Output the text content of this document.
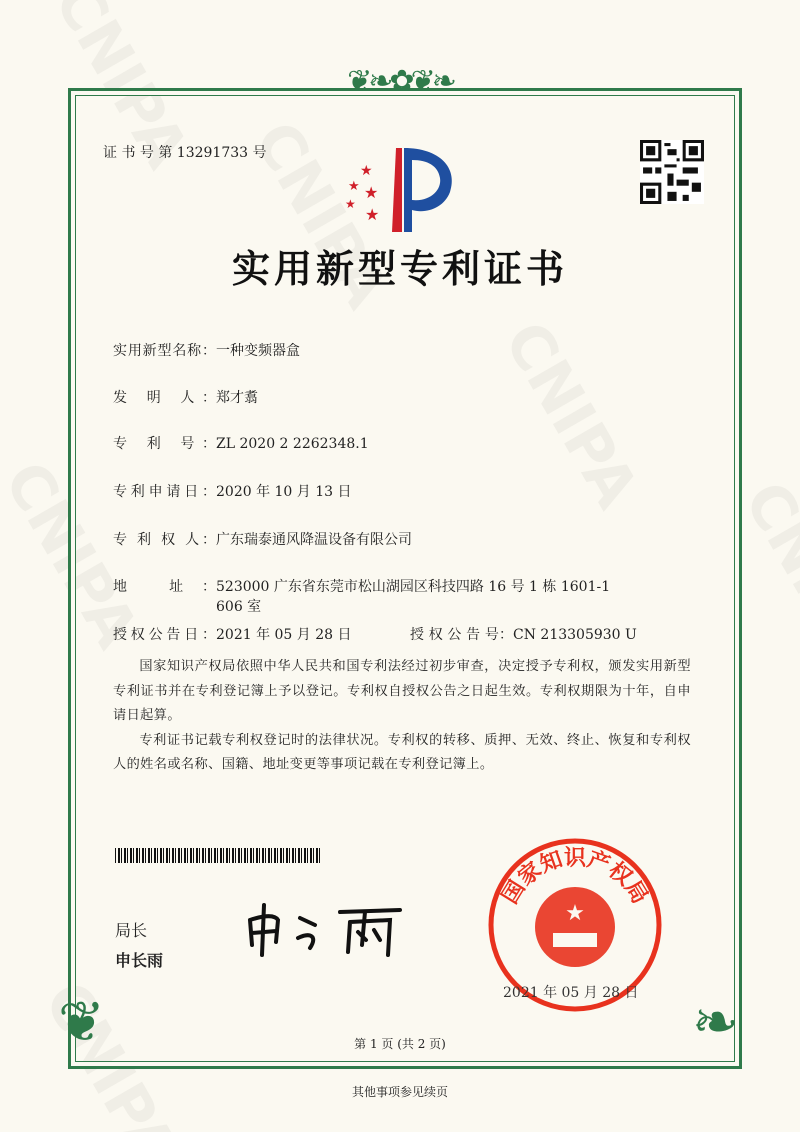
❦❧✿❦❧
❦	❧
证 书 号 第 13291733 号
★
★ ★
★
★
实用新型专利证书
实用新型名称：一种变频器盒
发 明 人：郑才翥
专 利 号：ZL 2020 2 2262348.1
专利申请日：2020 年 10 月 13 日
专 利 权 人：广东瑞泰通风降温设备有限公司
地 址：523000 广东省东莞市松山湖园区科技四路 16 号 1 栋 1601-1
606 室
授权公告日：2021 年 05 月 28 日	授 权 公 告 号：CN 213305930 U

国家知识产权局依照中华人民共和国专利法经过初步审查，决定授予专利权，颁发实用新型专利证书并在专利登记簿上予以登记。专利权自授权公告之日起生效。专利权期限为十年，自申请日起算。

专利证书记载专利权登记时的法律状况。专利权的转移、质押、无效、终止、恢复和专利权人的姓名或名称、国籍、地址变更等事项记载在专利登记簿上。

局长
申长雨
★
国家知识产权局
2021 年 05 月 28 日
第 1 页 (共 2 页)
其他事项参见续页
